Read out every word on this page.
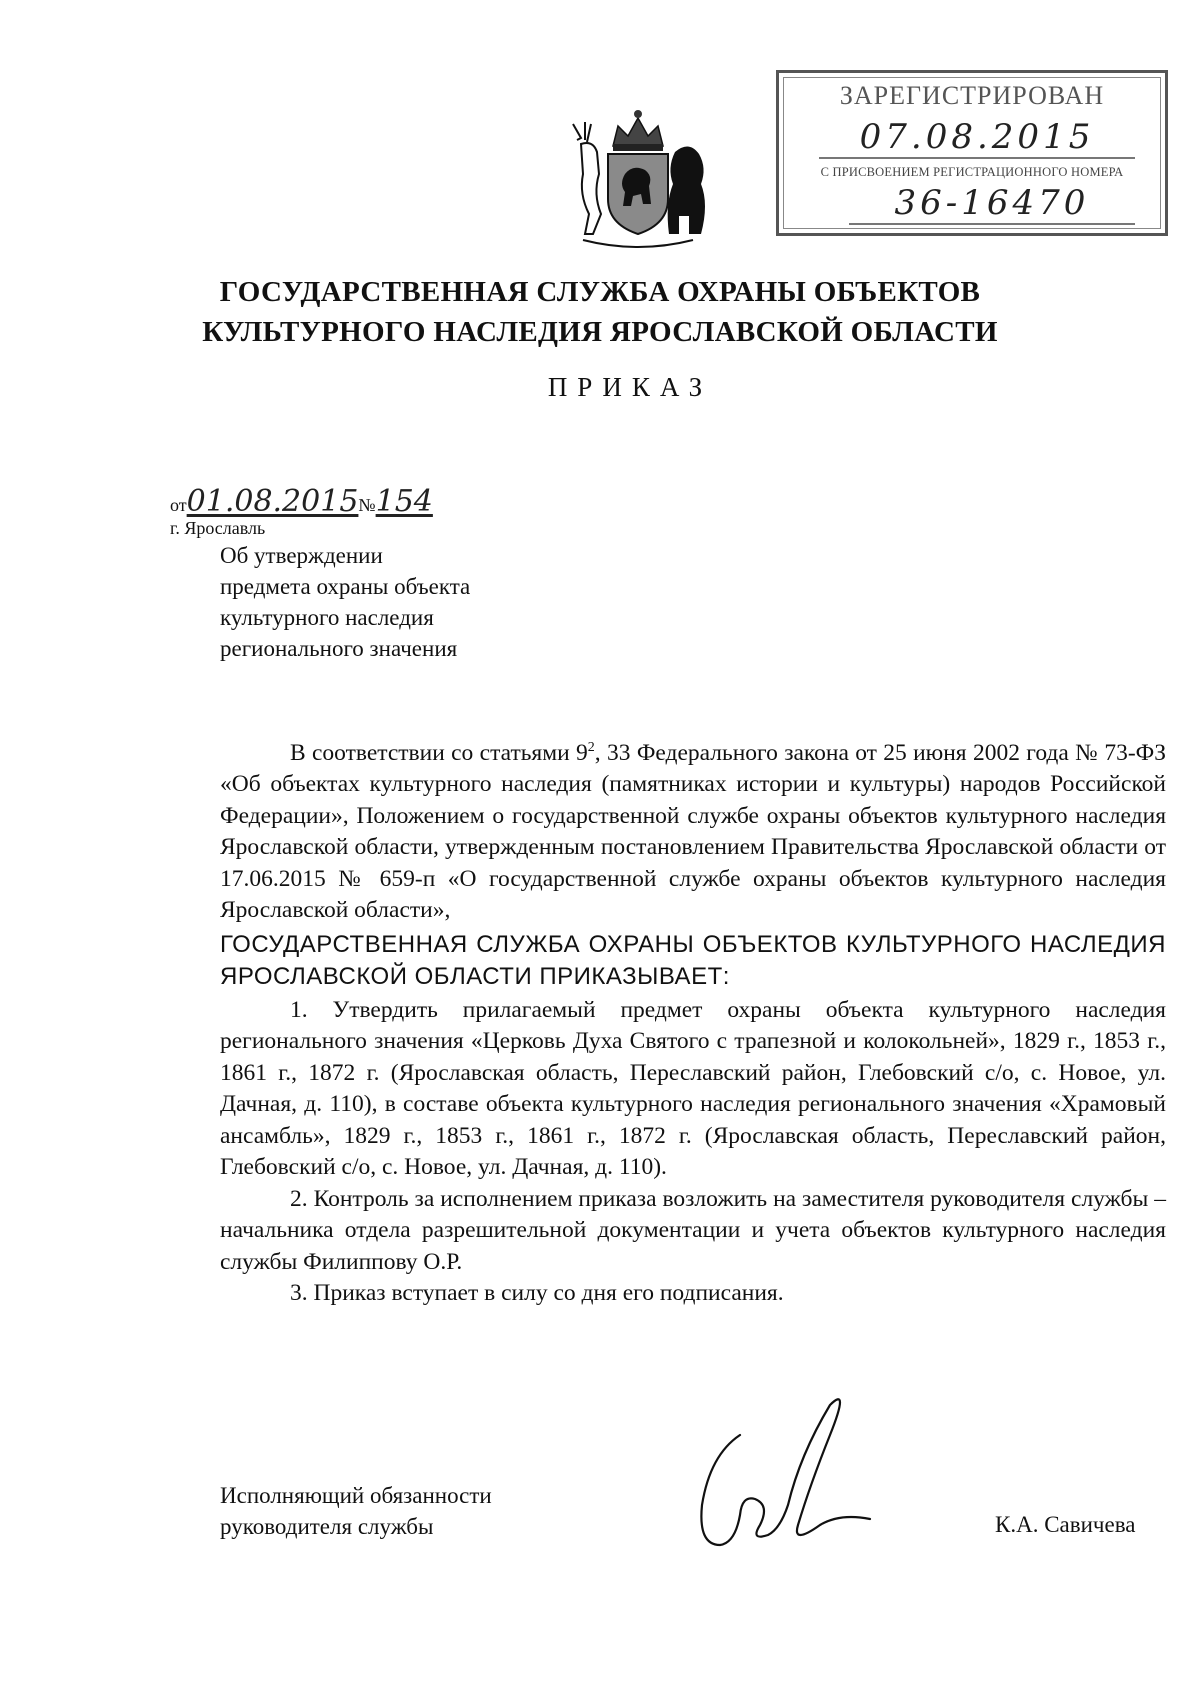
ЗАРЕГИСТРИРОВАН
07.08.2015
С ПРИСВОЕНИЕМ РЕГИСТРАЦИОННОГО НОМЕРА
36-16470
ГОСУДАРСТВЕННАЯ СЛУЖБА ОХРАНЫ ОБЪЕКТОВ
КУЛЬТУРНОГО НАСЛЕДИЯ ЯРОСЛАВСКОЙ ОБЛАСТИ
ПРИКАЗ
от01.08.2015№154
г. Ярославль
Об утверждении
предмета охраны объекта
культурного наследия
регионального значения

В соответствии со статьями $9^2$, 33 Федерального закона от 25 июня 2002 года № 73-ФЗ «Об объектах культурного наследия (памятниках истории и культуры) народов Российской Федерации», Положением о государственной службе охраны объектов культурного наследия Ярославской области, утвержденным постановлением Правительства Ярославской области от 17.06.2015 № 659-п «О государственной службе охраны объектов культурного наследия Ярославской области»,

ГОСУДАРСТВЕННАЯ СЛУЖБА ОХРАНЫ ОБЪЕКТОВ КУЛЬТУРНОГО НАСЛЕДИЯ ЯРОСЛАВСКОЙ ОБЛАСТИ ПРИКАЗЫВАЕТ:

1. Утвердить прилагаемый предмет охраны объекта культурного наследия регионального значения «Церковь Духа Святого с трапезной и колокольней», 1829 г., 1853 г., 1861 г., 1872 г. (Ярославская область, Переславский район, Глебовский с/о, с. Новое, ул. Дачная, д. 110), в составе объекта культурного наследия регионального значения «Храмовый ансамбль», 1829 г., 1853 г., 1861 г., 1872 г. (Ярославская область, Переславский район, Глебовский с/о, с. Новое, ул. Дачная, д. 110).

2. Контроль за исполнением приказа возложить на заместителя руководителя службы – начальника отдела разрешительной документации и учета объектов культурного наследия службы Филиппову О.Р.

3. Приказ вступает в силу со дня его подписания.

Исполняющий обязанности
руководителя службы	К.А. Савичева
